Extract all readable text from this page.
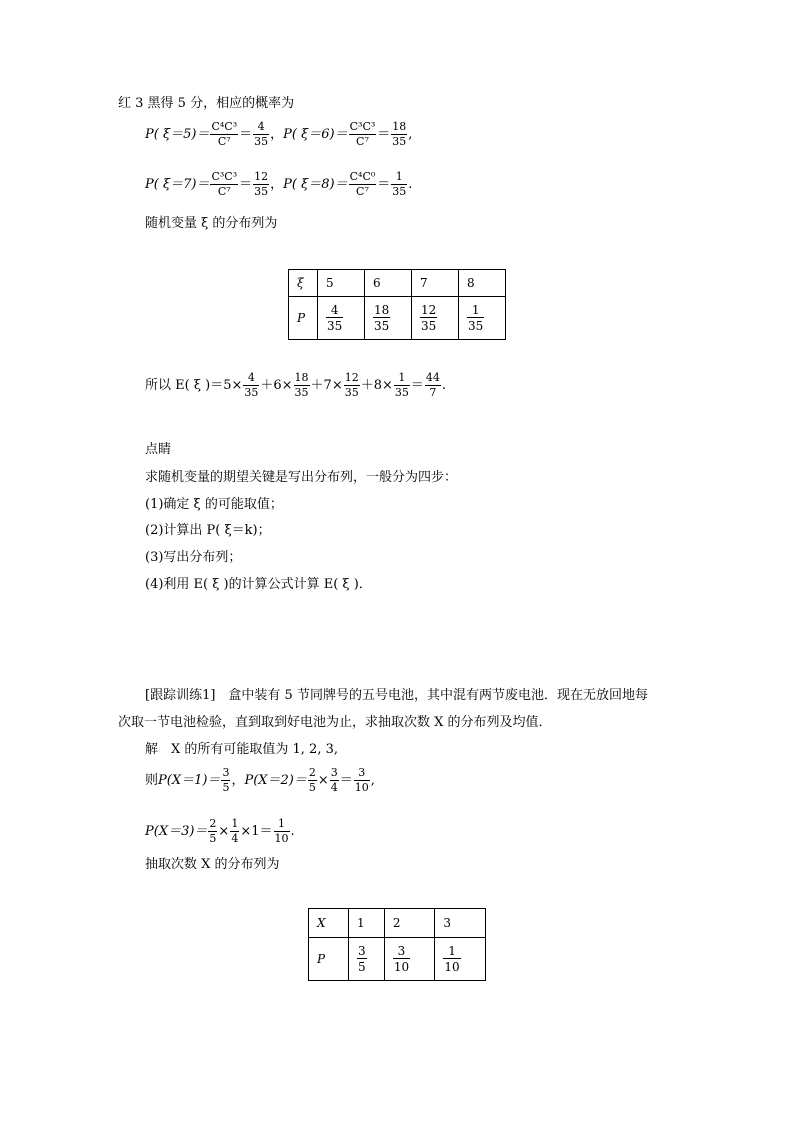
红 3 黑得 5 分，相应的概率为
P( $\xi=5)= \frac{\text{C⁴C³}}{\text{C⁷}} = \frac{4}{35}$ ，P( $\xi=6)= \frac{\text{C³C³}}{\text{C⁷}} = \frac{18}{35}$ ,
P( $\xi=7)= \frac{\text{C³C³}}{\text{C⁷}} = \frac{12}{35}$ ，P( $\xi=8)= \frac{\text{C⁴C⁰}}{\text{C⁷}} = \frac{1}{35}$ .
随机变量 ξ 的分布列为
ξ	5	6	7	8
P	$\frac{4}{35}$	$\frac{18}{35}$	$\frac{12}{35}$	$\frac{1}{35}$
所以 E( ξ )$=5\times \frac{4}{35} +6\times \frac{18}{35} +7\times \frac{12}{35} +8\times \frac{1}{35} = \frac{44}{7}$ .
点睛
求随机变量的期望关键是写出分布列，一般分为四步：
(1)确定 ξ 的可能取值；
(2)计算出 P( ξ＝k)；
(3)写出分布列；
(4)利用 E( ξ )的计算公式计算 E( ξ )．
[跟踪训练1]　盒中装有 5 节同牌号的五号电池，其中混有两节废电池．现在无放回地每
次取一节电池检验，直到取到好电池为止，求抽取次数 X 的分布列及均值．
解　X 的所有可能取值为 1, 2, 3,
则$P(X=1)= \frac{3}{5}$ ，$P(X=2)= \frac{2}{5} \times \frac{3}{4} = \frac{3}{10}$ ,
$P(X=3)= \frac{2}{5} \times \frac{1}{4} \times 1= \frac{1}{10}$ .
抽取次数 X 的分布列为
X	1	2	3
P	$\frac{3}{5}$	$\frac{3}{10}$	$\frac{1}{10}$
